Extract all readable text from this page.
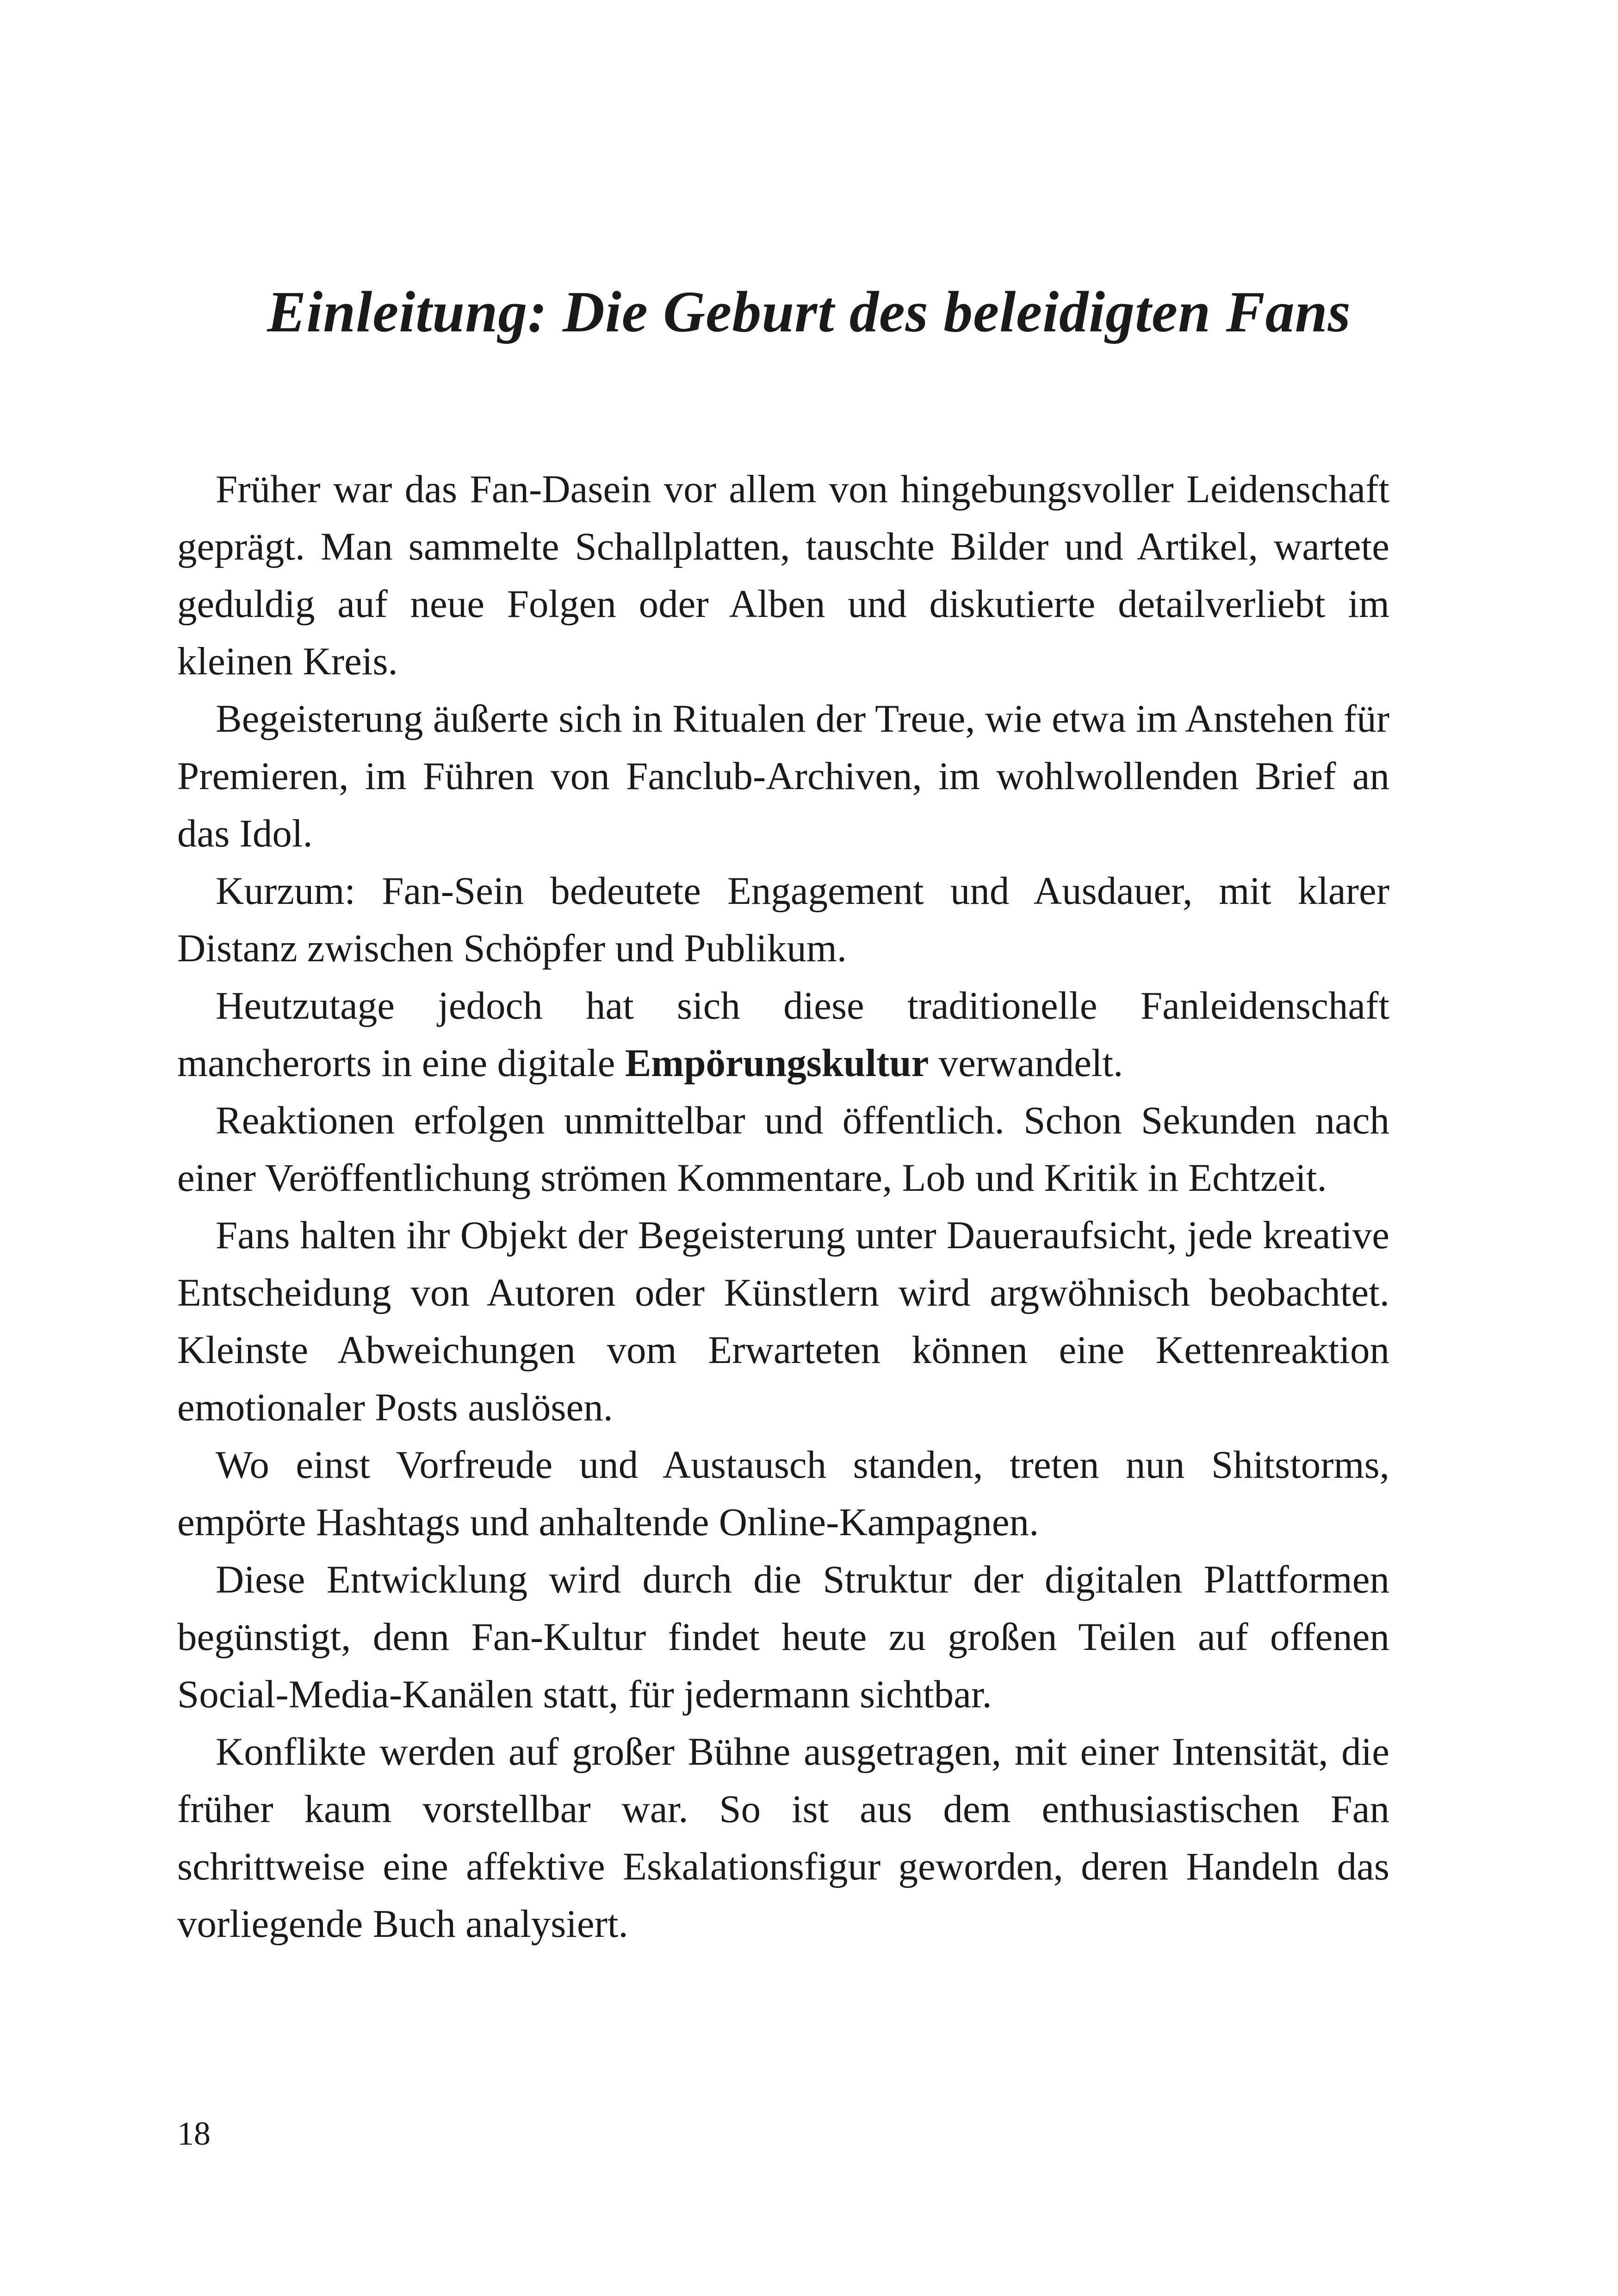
Einleitung: Die Geburt des beleidigten Fans

Früher war das Fan-Dasein vor allem von hingebungsvoller Leidenschaft geprägt. Man sammelte Schallplatten, tauschte Bilder und Artikel, wartete geduldig auf neue Folgen oder Alben und diskutierte detailverliebt im kleinen Kreis.

Begeisterung äußerte sich in Ritualen der Treue, wie etwa im Anstehen für Premieren, im Führen von Fanclub-Archiven, im wohlwollenden Brief an das Idol.

Kurzum: Fan-Sein bedeutete Engagement und Ausdauer, mit klarer Distanz zwischen Schöpfer und Publikum.

Heutzutage jedoch hat sich diese traditionelle Fanleidenschaft mancherorts in eine digitale Empörungskultur verwandelt.

Reaktionen erfolgen unmittelbar und öffentlich. Schon Sekunden nach einer Veröffentlichung strömen Kommentare, Lob und Kritik in Echtzeit.

Fans halten ihr Objekt der Begeisterung unter Daueraufsicht, jede kreative Entscheidung von Autoren oder Künstlern wird argwöhnisch beobachtet. Kleinste Abweichungen vom Erwarteten können eine Kettenreaktion emotionaler Posts auslösen.

Wo einst Vorfreude und Austausch standen, treten nun Shitstorms, empörte Hashtags und anhaltende Online-Kampagnen.

Diese Entwicklung wird durch die Struktur der digitalen Plattformen begünstigt, denn Fan-Kultur findet heute zu großen Teilen auf offenen Social-Media-Kanälen statt, für jedermann sichtbar.

Konflikte werden auf großer Bühne ausgetragen, mit einer Intensität, die früher kaum vorstellbar war. So ist aus dem enthusiastischen Fan schrittweise eine affektive Eskalationsfigur geworden, deren Handeln das vorliegende Buch analysiert.

18
